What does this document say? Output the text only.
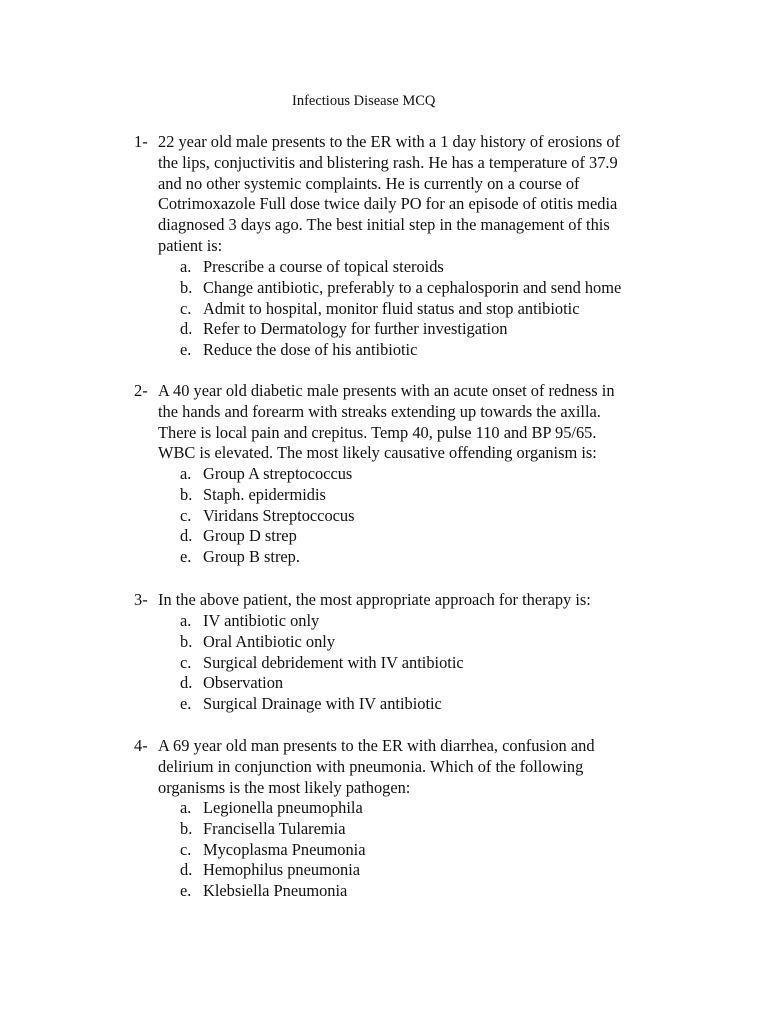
Infectious Disease MCQ
1- 22 year old male presents to the ER with a 1 day history of erosions of
the lips, conjuctivitis and blistering rash. He has a temperature of 37.9
and no other systemic complaints. He is currently on a course of
Cotrimoxazole Full dose twice daily PO for an episode of otitis media
diagnosed 3 days ago. The best initial step in the management of this
patient is:
a. Prescribe a course of topical steroids
b. Change antibiotic, preferably to a cephalosporin and send home
c. Admit to hospital, monitor fluid status and stop antibiotic
d. Refer to Dermatology for further investigation
e. Reduce the dose of his antibiotic
2- A 40 year old diabetic male presents with an acute onset of redness in
the hands and forearm with streaks extending up towards the axilla.
There is local pain and crepitus. Temp 40, pulse 110 and BP 95/65.
WBC is elevated. The most likely causative offending organism is:
a. Group A streptococcus
b. Staph. epidermidis
c. Viridans Streptoccocus
d. Group D strep
e. Group B strep.
3- In the above patient, the most appropriate approach for therapy is:
a. IV antibiotic only
b. Oral Antibiotic only
c. Surgical debridement with IV antibiotic
d. Observation
e. Surgical Drainage with IV antibiotic
4- A 69 year old man presents to the ER with diarrhea, confusion and
delirium in conjunction with pneumonia. Which of the following
organisms is the most likely pathogen:
a. Legionella pneumophila
b. Francisella Tularemia
c. Mycoplasma Pneumonia
d. Hemophilus pneumonia
e. Klebsiella Pneumonia
